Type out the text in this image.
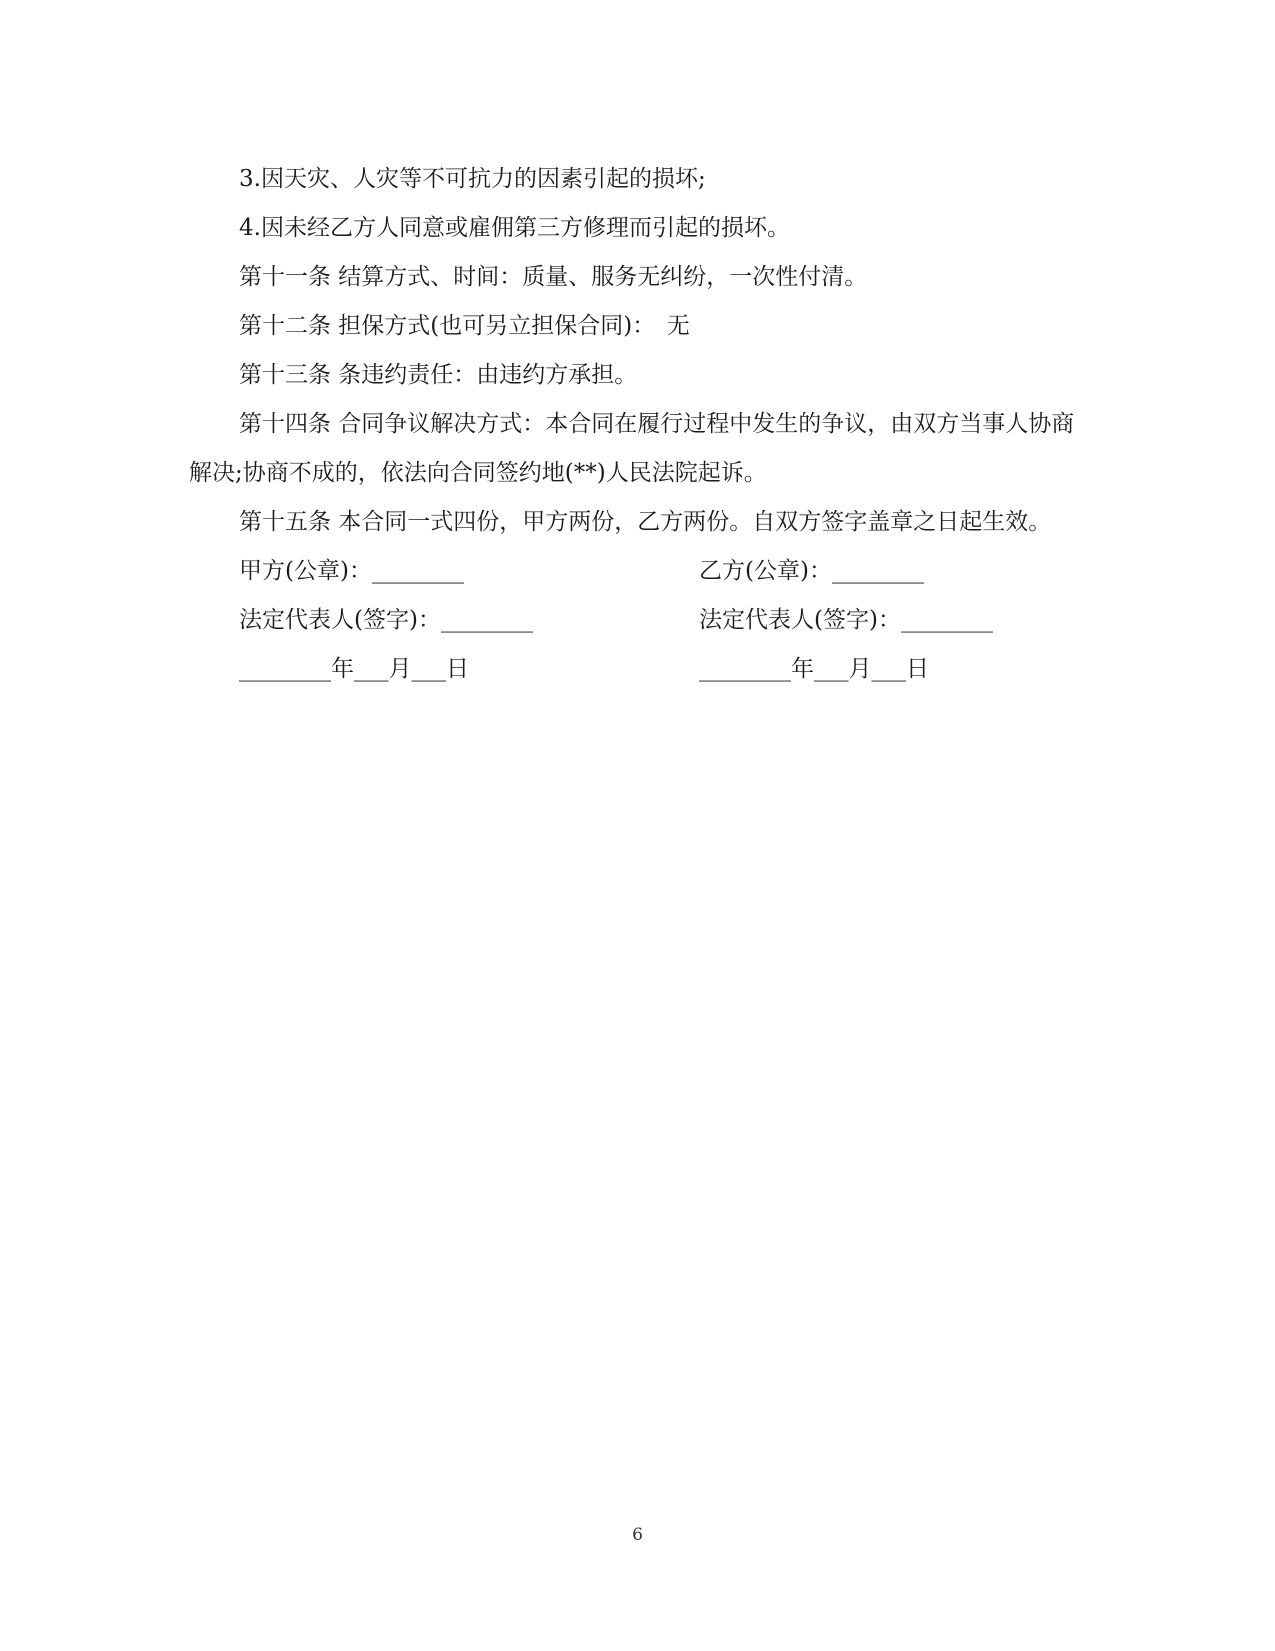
3.因天灾、人灾等不可抗力的因素引起的损坏;

4.因未经乙方人同意或雇佣第三方修理而引起的损坏。

第十一条 结算方式、时间：质量、服务无纠纷，一次性付清。

第十二条 担保方式(也可另立担保合同)：　无

第十三条 条违约责任：由违约方承担。

第十四条 合同争议解决方式：本合同在履行过程中发生的争议，由双方当事人协商解决;协商不成的，依法向合同签约地(**)人民法院起诉。

第十五条 本合同一式四份，甲方两份，乙方两份。自双方签字盖章之日起生效。

甲方(公章)：________	乙方(公章)：________
法定代表人(签字)：________	法定代表人(签字)：________
________年___月___日	________年___月___日
6
